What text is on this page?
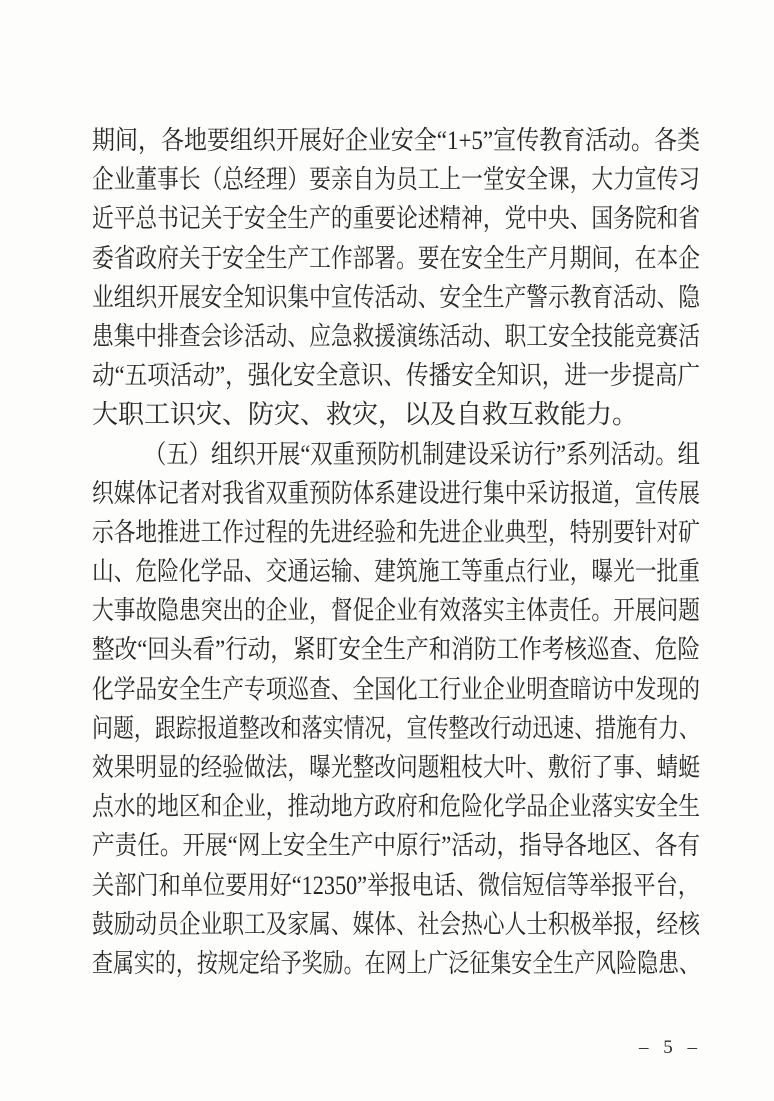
期间，各地要组织开展好企业安全“1+5”宣传教育活动。各类
企业董事长（总经理）要亲自为员工上一堂安全课，大力宣传习
近平总书记关于安全生产的重要论述精神，党中央、国务院和省
委省政府关于安全生产工作部署。要在安全生产月期间，在本企
业组织开展安全知识集中宣传活动、安全生产警示教育活动、隐
患集中排查会诊活动、应急救援演练活动、职工安全技能竞赛活
动“五项活动”，强化安全意识、传播安全知识，进一步提高广
大职工识灾、防灾、救灾，以及自救互救能力。
（五）组织开展“双重预防机制建设采访行”系列活动。组
织媒体记者对我省双重预防体系建设进行集中采访报道，宣传展
示各地推进工作过程的先进经验和先进企业典型，特别要针对矿
山、危险化学品、交通运输、建筑施工等重点行业，曝光一批重
大事故隐患突出的企业，督促企业有效落实主体责任。开展问题
整改“回头看”行动，紧盯安全生产和消防工作考核巡查、危险
化学品安全生产专项巡查、全国化工行业企业明查暗访中发现的
问题，跟踪报道整改和落实情况，宣传整改行动迅速、措施有力、
效果明显的经验做法，曝光整改问题粗枝大叶、敷衍了事、蜻蜓
点水的地区和企业，推动地方政府和危险化学品企业落实安全生
产责任。开展“网上安全生产中原行”活动，指导各地区、各有
关部门和单位要用好“12350”举报电话、微信短信等举报平台，
鼓励动员企业职工及家属、媒体、社会热心人士积极举报，经核
查属实的，按规定给予奖励。在网上广泛征集安全生产风险隐患、
– 5 –
